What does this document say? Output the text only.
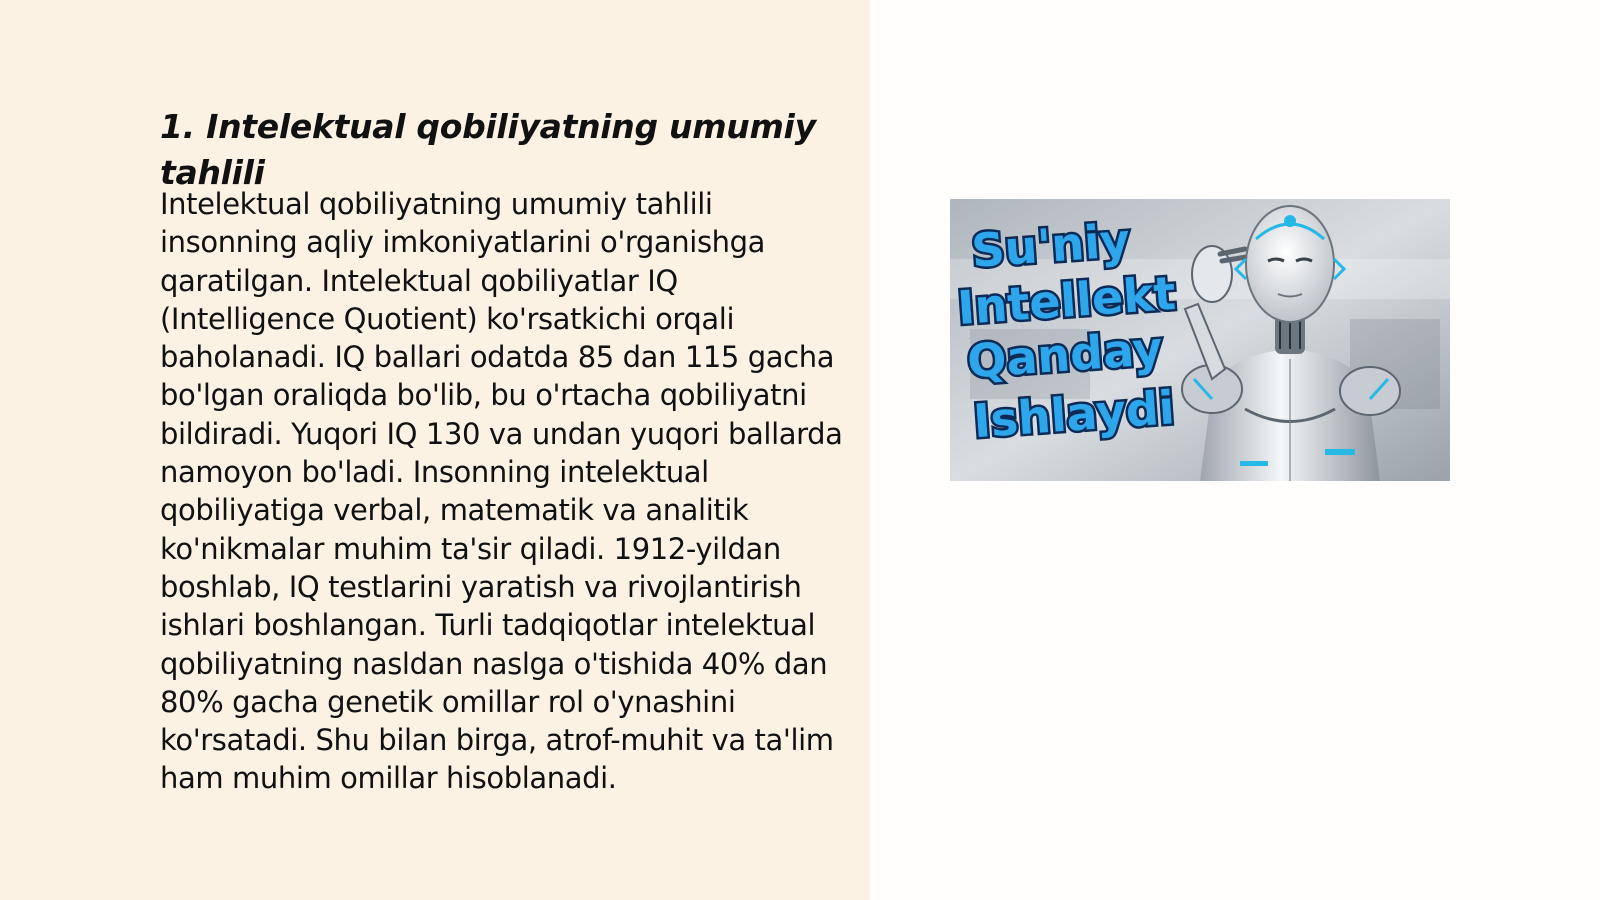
1. Intelektual qobiliyatning umumiy tahlili

Intelektual qobiliyatning umumiy tahlili insonning aqliy imkoniyatlarini o'rganishga qaratilgan. Intelektual qobiliyatlar IQ (Intelligence Quotient) ko'rsatkichi orqali baholanadi. IQ ballari odatda 85 dan 115 gacha bo'lgan oraliqda bo'lib, bu o'rtacha qobiliyatni bildiradi. Yuqori IQ 130 va undan yuqori ballarda namoyon bo'ladi. Insonning intelektual qobiliyatiga verbal, matematik va analitik ko'nikmalar muhim ta'sir qiladi. 1912-yildan boshlab, IQ testlarini yaratish va rivojlantirish ishlari boshlangan. Turli tadqiqotlar intelektual qobiliyatning nasldan naslga o'tishida 40% dan 80% gacha genetik omillar rol o'ynashini ko'rsatadi. Shu bilan birga, atrof-muhit va ta'lim ham muhim omillar hisoblanadi.

Su'niy
Intellekt
Qanday
Ishlaydi
